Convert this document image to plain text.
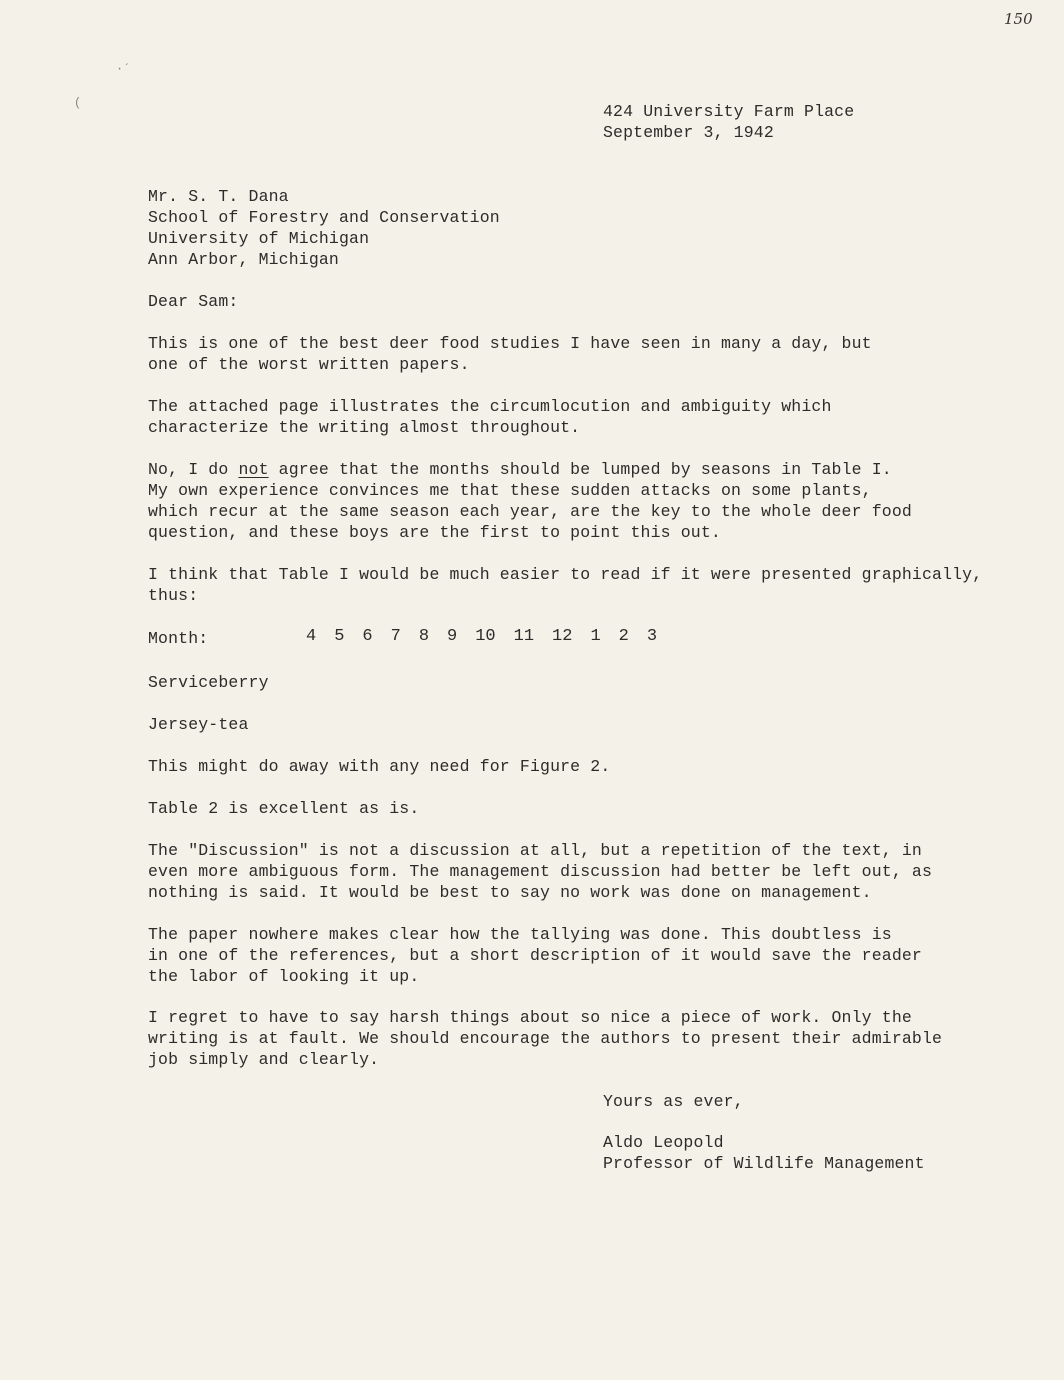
150
·´
(	424 University Farm Place
September 3, 1942
Mr. S. T. Dana
School of Forestry and Conservation
University of Michigan
Ann Arbor, Michigan
Dear Sam:
This is one of the best deer food studies I have seen in many a day, but
one of the worst written papers.
The attached page illustrates the circumlocution and ambiguity which
characterize the writing almost throughout.
No, I do not agree that the months should be lumped by seasons in Table I.
My own experience convinces me that these sudden attacks on some plants,
which recur at the same season each year, are the key to the whole deer food
question, and these boys are the first to point this out.
I think that Table I would be much easier to read if it were presented graphically,
thus:
Month:	4 5 6 7 8 9 10 11 12 1 2 3
Serviceberry
Jersey-tea
This might do away with any need for Figure 2.
Table 2 is excellent as is.
The "Discussion" is not a discussion at all, but a repetition of the text, in
even more ambiguous form. The management discussion had better be left out, as
nothing is said. It would be best to say no work was done on management.
The paper nowhere makes clear how the tallying was done. This doubtless is
in one of the references, but a short description of it would save the reader
the labor of looking it up.
I regret to have to say harsh things about so nice a piece of work. Only the
writing is at fault. We should encourage the authors to present their admirable
job simply and clearly.
Yours as ever,
Aldo Leopold
Professor of Wildlife Management
